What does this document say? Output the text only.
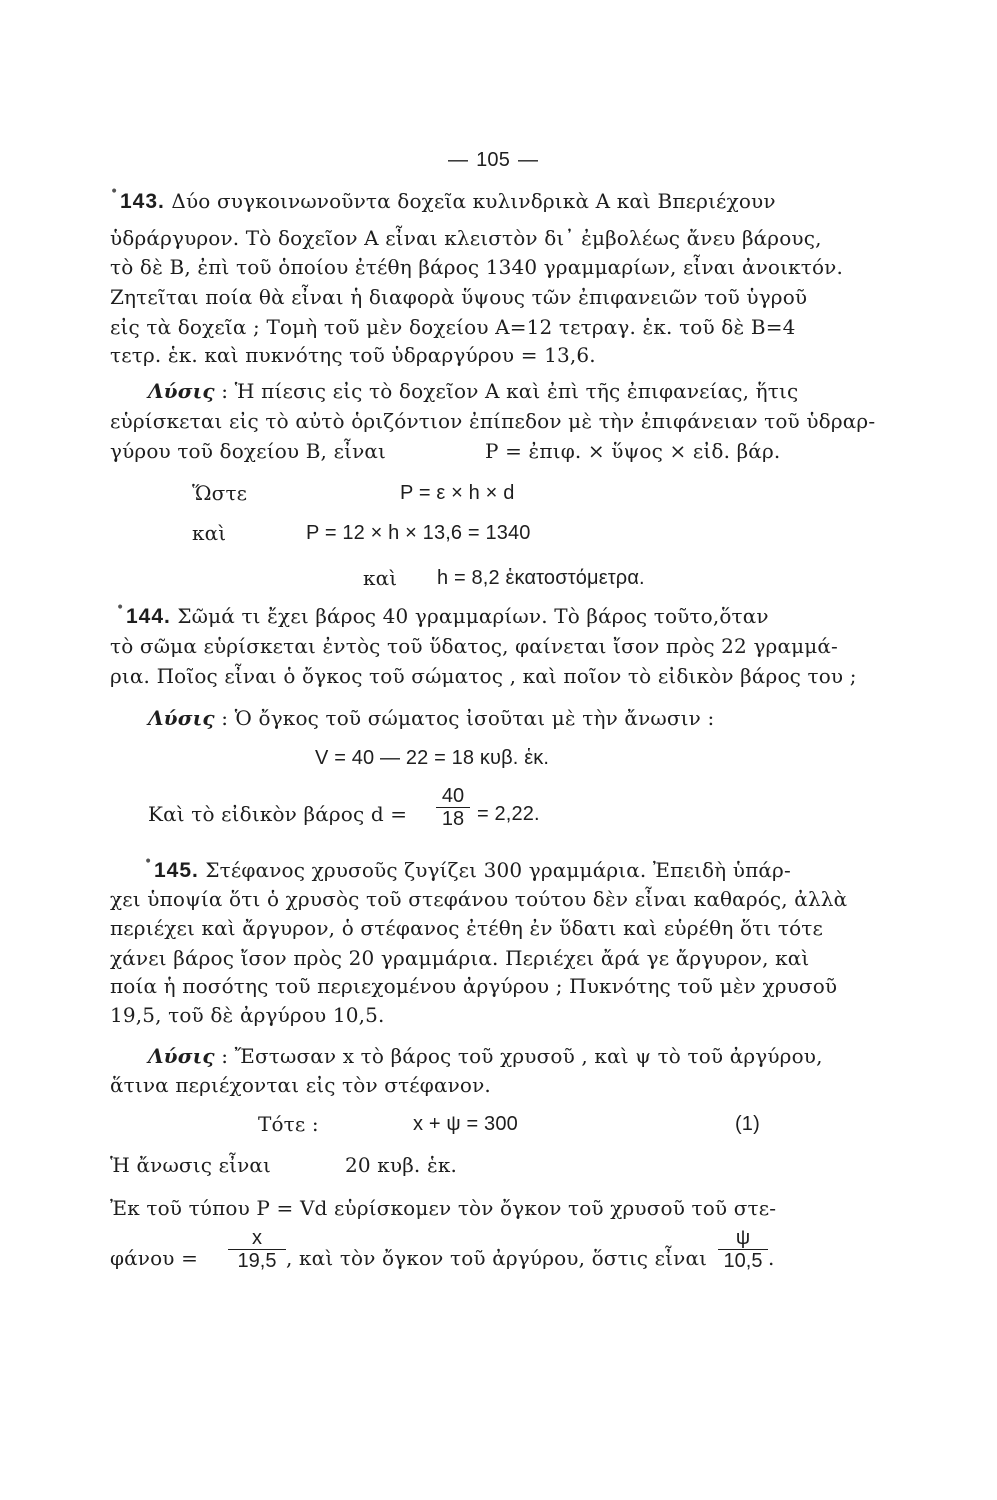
— 105 —
• 143. Δύο συγκοινωνοῦντα δοχεῖα κυλινδρικὰ Α καὶ Βπεριέχουν
ὑδράργυρον. Τὸ δοχεῖον Α εἶναι κλειστὸν δι᾿ ἐμβολέως ἄνευ βάρους,
τὸ δὲ Β, ἐπὶ τοῦ ὁποίου ἐτέθη βάρος 1340 γραμμαρίων, εἶναι ἀνοικτόν.
Ζητεῖται ποία θὰ εἶναι ἡ διαφορὰ ὕψους τῶν ἐπιφανειῶν τοῦ ὑγροῦ
εἰς τὰ δοχεῖα ; Τομὴ τοῦ μὲν δοχείου Α=12 τετραγ. ἑκ. τοῦ δὲ Β=4
τετρ. ἑκ. καὶ πυκνότης τοῦ ὑδραργύρου = 13,6.
Λύσις : Ἡ πίεσις εἰς τὸ δοχεῖον Α καὶ ἐπὶ τῆς ἐπιφανείας, ἥτις
εὑρίσκεται εἰς τὸ αὐτὸ ὁριζόντιον ἐπίπεδον μὲ τὴν ἐπιφάνειαν τοῦ ὑδραρ-
γύρου τοῦ δοχείου Β, εἶναι	P = ἐπιφ. × ὕψος × εἰδ. βάρ.
Ὥστε	P = ε × h × d
καὶ	P = 12 × h × 13,6 = 1340
καὶ h = 8,2 ἑκατοστόμετρα.
• 144. Σῶμά τι ἔχει βάρος 40 γραμμαρίων. Τὸ βάρος τοῦτο,ὅταν
τὸ σῶμα εὑρίσκεται ἐντὸς τοῦ ὕδατος, φαίνεται ἴσον πρὸς 22 γραμμά-
ρια. Ποῖος εἶναι ὁ ὄγκος τοῦ σώματος , καὶ ποῖον τὸ εἰδικὸν βάρος του ;
Λύσις : Ὁ ὄγκος τοῦ σώματος ἰσοῦται μὲ τὴν ἄνωσιν :
V = 40 — 22 = 18 κυβ. ἑκ.
Καὶ τὸ εἰδικὸν βάρος $d = \frac{40}{18} = 2,22$.
• 145. Στέφανος χρυσοῦς ζυγίζει 300 γραμμάρια. Ἐπειδὴ ὑπάρ-
χει ὑποψία ὅτι ὁ χρυσὸς τοῦ στεφάνου τούτου δὲν εἶναι καθαρός, ἀλλὰ
περιέχει καὶ ἄργυρον, ὁ στέφανος ἐτέθη ἐν ὕδατι καὶ εὑρέθη ὅτι τότε
χάνει βάρος ἴσον πρὸς 20 γραμμάρια. Περιέχει ἄρά γε ἄργυρον, καὶ
ποία ἡ ποσότης τοῦ περιεχομένου ἀργύρου ; Πυκνότης τοῦ μὲν χρυσοῦ
19,5, τοῦ δὲ ἀργύρου 10,5.
Λύσις : Ἔστωσαν x τὸ βάρος τοῦ χρυσοῦ , καὶ ψ τὸ τοῦ ἀργύρου,
ἅτινα περιέχονται εἰς τὸν στέφανον.
Τότε :	x + ψ = 300	(1)
Ἡ ἄνωσις εἶναι	20 κυβ. ἑκ.
Ἐκ τοῦ τύπου P = Vd εὑρίσκομεν τὸν ὄγκον τοῦ χρυσοῦ τοῦ στε-
$\varphi ά\nu o\upsilon = \frac{x}{19,5}$ , καὶ τὸν ὄγκον τοῦ ἀργύρου, ὅστις εἶναι $\frac{\psi}{10,5}$ .
